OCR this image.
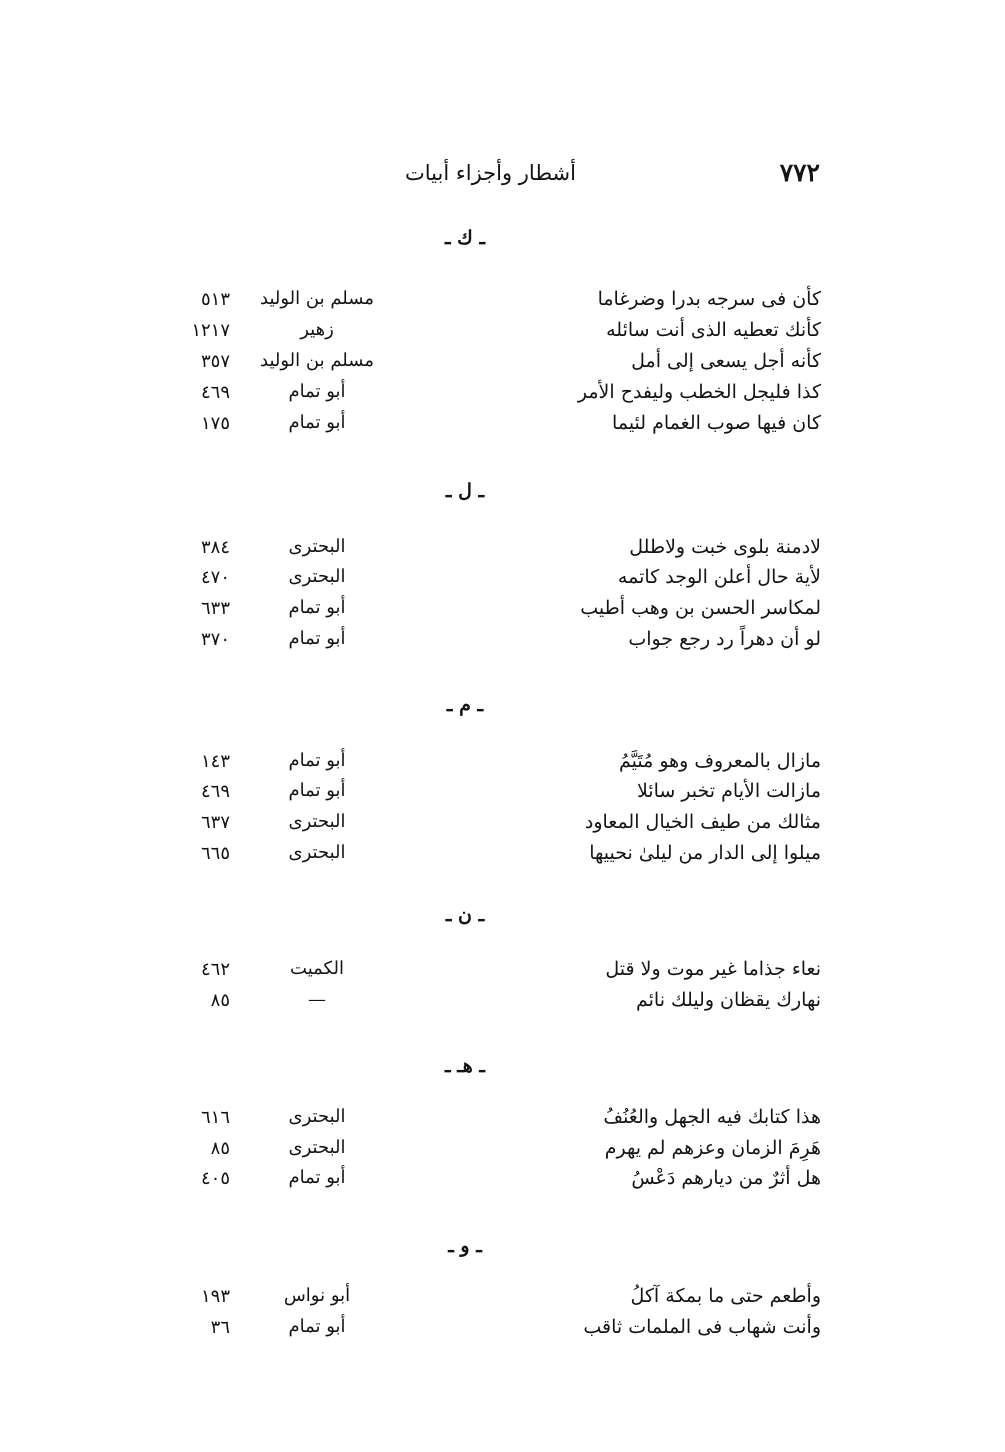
٧٧٢
أشطار وأجزاء أبيات
ـ ك ـ
كأن فى سرجه بدرا وضرغاما
مسلم بن الوليد
٥١٣
كأنك تعطيه الذى أنت سائله
زهير
١٢١٧
كأنه أجل يسعى إلى أمل
مسلم بن الوليد
٣٥٧
كذا فليجل الخطب وليفدح الأمر
أبو تمام
٤٦٩
كان فيها صوب الغمام لئيما
أبو تمام
١٧٥
ـ ل ـ
لادمنة بلوى خبت ولاطلل
البحترى
٣٨٤
لأية حال أعلن الوجد كاتمه
البحترى
٤٧٠
لمكاسر الحسن بن وهب أطيب
أبو تمام
٦٣٣
لو أن دهراً رد رجع جواب
أبو تمام
٣٧٠
ـ م ـ
مازال بالمعروف وهو مُتَيَّمُ
أبو تمام
١٤٣
مازالت الأيام تخبر سائلا
أبو تمام
٤٦٩
مثالك من طيف الخيال المعاود
البحترى
٦٣٧
ميلوا إلى الدار من ليلىٰ نحييها
البحترى
٦٦٥
ـ ن ـ
نعاء جذاما غير موت ولا قتل
الكميت
٤٦٢
نهارك يقظان وليلك نائم
—
٨٥
ـ هـ ـ
هذا كتابك فيه الجهل والعُنُفُ
البحترى
٦١٦
هَرِمَ الزمان وعزهم لم يهرم
البحترى
٨٥
هل أثرٌ من ديارهم دَعْسُ
أبو تمام
٤٠٥
ـ و ـ
وأطعم حتى ما بمكة آكلُ
أبو نواس
١٩٣
وأنت شهاب فى الملمات ثاقب
أبو تمام
٣٦
